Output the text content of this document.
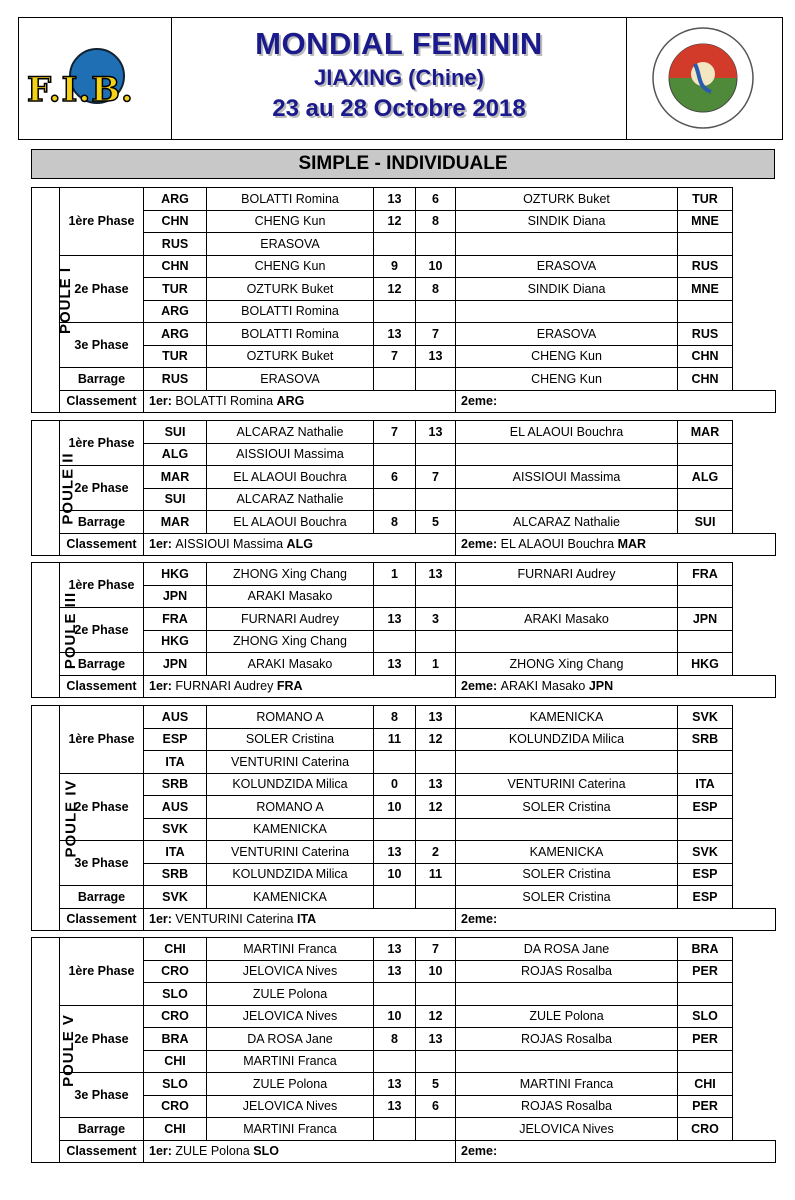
F.I.B.
MONDIAL FEMININ
JIAXING (Chine)
23 au 28 Octobre 2018
SIMPLE - INDIVIDUALE
POULE I	1ère Phase	ARG	BOLATTI Romina	13	6	OZTURK Buket	TUR
		CHN	CHENG Kun	12	8	SINDIK Diana	MNE
		RUS	ERASOVA				
	2e Phase	CHN	CHENG Kun	9	10	ERASOVA	RUS
		TUR	OZTURK Buket	12	8	SINDIK Diana	MNE
		ARG	BOLATTI Romina				
	3e Phase	ARG	BOLATTI Romina	13	7	ERASOVA	RUS
		TUR	OZTURK Buket	7	13	CHENG Kun	CHN
	Barrage	RUS	ERASOVA			CHENG Kun	CHN
	Classement	1er: BOLATTI Romina ARG				2eme:	
POULE II	1ère Phase	SUI	ALCARAZ Nathalie	7	13	EL ALAOUI Bouchra	MAR
		ALG	AISSIOUI Massima				
	2e Phase	MAR	EL ALAOUI Bouchra	6	7	AISSIOUI Massima	ALG
		SUI	ALCARAZ Nathalie				
	Barrage	MAR	EL ALAOUI Bouchra	8	5	ALCARAZ Nathalie	SUI
	Classement	1er: AISSIOUI Massima ALG				2eme: EL ALAOUI Bouchra MAR	
POULE III	1ère Phase	HKG	ZHONG Xing Chang	1	13	FURNARI Audrey	FRA
		JPN	ARAKI Masako				
	2e Phase	FRA	FURNARI Audrey	13	3	ARAKI Masako	JPN
		HKG	ZHONG Xing Chang				
	Barrage	JPN	ARAKI Masako	13	1	ZHONG Xing Chang	HKG
	Classement	1er: FURNARI Audrey FRA				2eme: ARAKI Masako JPN	
POULE IV	1ère Phase	AUS	ROMANO A	8	13	KAMENICKA	SVK
		ESP	SOLER Cristina	11	12	KOLUNDZIDA Milica	SRB
		ITA	VENTURINI Caterina				
	2e Phase	SRB	KOLUNDZIDA Milica	0	13	VENTURINI Caterina	ITA
		AUS	ROMANO A	10	12	SOLER Cristina	ESP
		SVK	KAMENICKA				
	3e Phase	ITA	VENTURINI Caterina	13	2	KAMENICKA	SVK
		SRB	KOLUNDZIDA Milica	10	11	SOLER Cristina	ESP
	Barrage	SVK	KAMENICKA			SOLER Cristina	ESP
	Classement	1er: VENTURINI Caterina ITA				2eme:	
POULE V	1ère Phase	CHI	MARTINI Franca	13	7	DA ROSA Jane	BRA
		CRO	JELOVICA Nives	13	10	ROJAS Rosalba	PER
		SLO	ZULE Polona				
	2e Phase	CRO	JELOVICA Nives	10	12	ZULE Polona	SLO
		BRA	DA ROSA Jane	8	13	ROJAS Rosalba	PER
		CHI	MARTINI Franca				
	3e Phase	SLO	ZULE Polona	13	5	MARTINI Franca	CHI
		CRO	JELOVICA Nives	13	6	ROJAS Rosalba	PER
	Barrage	CHI	MARTINI Franca			JELOVICA Nives	CRO
	Classement	1er: ZULE Polona SLO				2eme:	
